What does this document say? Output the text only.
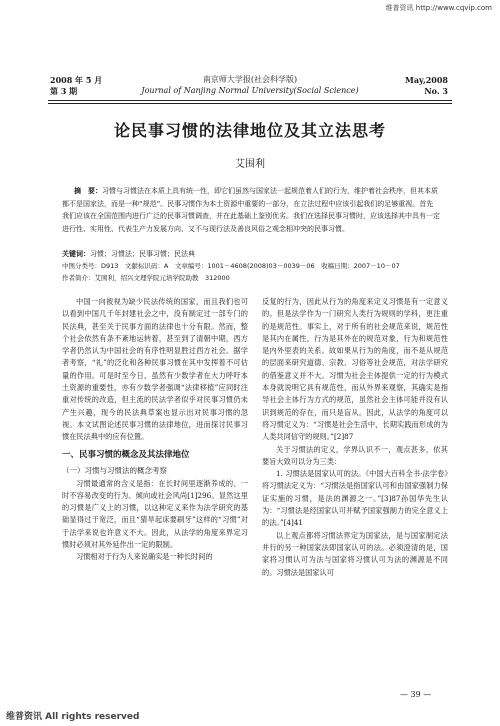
维普资讯 http://www.cqvip.com
2008 年 5 月
第 3 期
南京师大学报(社会科学版)
Journal of Nanjing Normal University(Social Science)
May,2008
No. 3
论民事习惯的法律地位及其立法思考
艾围利
摘　要：习惯与习惯法在本质上具有统一性，即它们虽然与国家法一起规范着人们的行为，维护着社会秩序，但其本质都不是国家法，而是一种“规范”。民事习惯作为本土资源中重要的一部分，在立法过程中应该引起我们的足够重视。首先我们应该在全国范围内进行广泛的民事习惯调查，并在此基础上鉴别优劣。我们在选择民事习惯时，应该选择其中具有一定进行性、实用性、代表生产力发展方向、又不与现行法及善良风俗之观念相冲突的民事习惯。
关键词：习惯；习惯法；民事习惯；民法典
中图分类号：D913　文献标识码：A　文章编号：1001－4608(2008)03－0039－06　收稿日期：2007－10－07
作者简介：艾围利，绍兴文理学院元培学院助教　312000

中国一向被视为缺少民法传统的国家，而且我们也可以看到中国几千年封建社会之中，没有制定过一部专门的民法典，甚至关于民事方面的法律也十分有限。然而，整个社会依然有条不紊地运转着，甚至到了清朝中期，西方学者仍然认为中国社会的有序性明显胜过西方社会。据学者考察，“礼”的泛化和各种民事习惯在其中发挥着不可估量的作用。可是时至今日，虽然有少数学者在大力呼吁本土资源的重要性，亦有少数学者强调“法律移植”应同时注重对传统的改造，但主流的民法学者似乎对民事习惯仍未产生兴趣，现今的民法典草案也显示出对民事习惯的忽视。本文试图论述民事习惯的法律地位，进而探讨民事习惯在民法典中的应有位置。

一、民事习惯的概念及其法律地位
（一）习惯与习惯法的概念考察

习惯最通常的含义是指：在长时间里逐渐养成的、一时不容易改变的行为、倾向或社会风尚[1]296。显然这里的习惯是广义上的习惯，以这种定义来作为法学研究的基础显得过于宽泛，而且“猜旱起床要刷牙”这样的“习惯”对于法学来说也许意义不大。因此，从法学的角度来界定习惯时必须对其外延作出一定的限制。

习惯相对于行为人来说确实是一种长时间的

反复的行为，因此从行为的角度来定义习惯是有一定意义的。但是法学作为一门研究人类行为规则的学科，更注重的是规范性。事实上，对于所有的社会规范来说，规范性是其内在属性，行为是其外在的规范对象，行为和规范性是内外里表的关系。故如果从行为的角度，而不是从规范的层面来研究道德、宗教、习俗等社会规范，对法学研究的借鉴意义并不大。习惯为社会主体提供一定的行为模式本身就说明它具有规范性，而从外界来观察，其确实是指导社会主体行为方式的规范，虽然社会主体可能并没有认识到规范的存在，而只是盲从。因此，从法学的角度可以将习惯定义为：“习惯是社会生活中，长期实践而形成的为人类共同信守的规则。”[2]87

关于习惯法的定义，学界认识不一，观点甚多，依其要旨大致可以分为三类：

1. 习惯法是国家认可的法。《中国大百科全书·法学卷》将习惯法定义为：“习惯法是指国家认可和由国家强制力保证实施的习惯，是法的渊源之一。”[3]87孙国华先生认为：“习惯法是经国家认可并赋予国家强制力的完全意义上的法。”[4]41

以上观点都将习惯法界定为国家法，是与国家制定法并行的另一种国家法即国家认可的法。必须澄清的是，国家将习惯认可为法与国家将习惯认可为法的渊源是不同的。习惯法是国家认可

— 39 —
维普资讯 All rights reserved
